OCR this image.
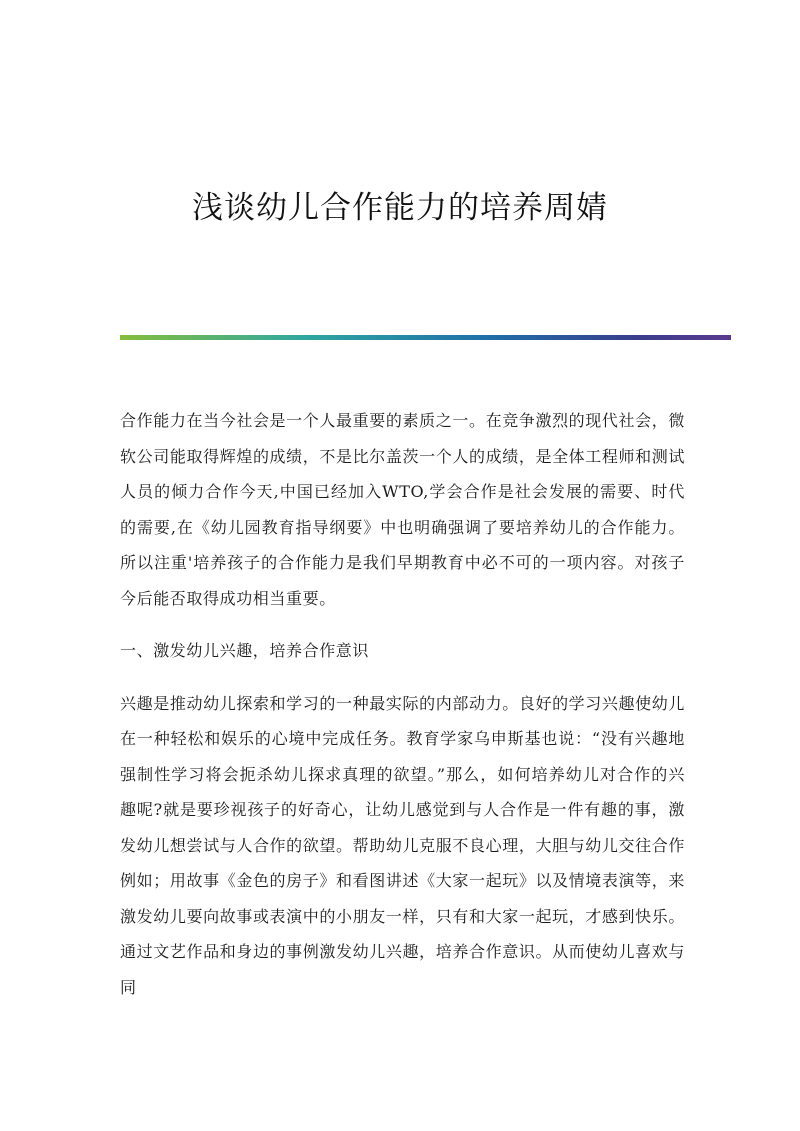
浅谈幼儿合作能力的培养周婧

合作能力在当今社会是一个人最重要的素质之一。在竞争激烈的现代社会，微软公司能取得辉煌的成绩，不是比尔盖茨一个人的成绩，是全体工程师和测试人员的倾力合作今天,中国已经加入WTO,学会合作是社会发展的需要、时代的需要,在《幼儿园教育指导纲要》中也明确强调了要培养幼儿的合作能力。所以注重'培养孩子的合作能力是我们早期教育中必不可的一项内容。对孩子今后能否取得成功相当重要。

一、激发幼儿兴趣，培养合作意识

兴趣是推动幼儿探索和学习的一种最实际的内部动力。良好的学习兴趣使幼儿在一种轻松和娱乐的心境中完成任务。教育学家乌申斯基也说：“没有兴趣地强制性学习将会扼杀幼儿探求真理的欲望。”那么，如何培养幼儿对合作的兴趣呢?就是要珍视孩子的好奇心，让幼儿感觉到与人合作是一件有趣的事，激发幼儿想尝试与人合作的欲望。帮助幼儿克服不良心理，大胆与幼儿交往合作例如；用故事《金色的房子》和看图讲述《大家一起玩》以及情境表演等，来激发幼儿要向故事或表演中的小朋友一样，只有和大家一起玩，才感到快乐。通过文艺作品和身边的事例激发幼儿兴趣，培养合作意识。从而使幼儿喜欢与同
